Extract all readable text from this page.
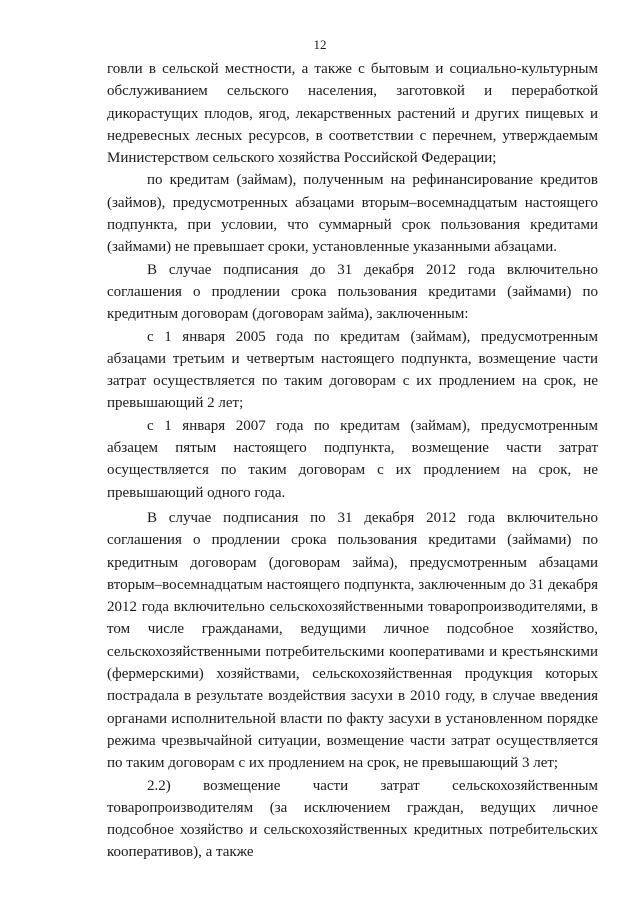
12

говли в сельской местности, а также с бытовым и социально-культурным обслуживанием сельского населения, заготовкой и переработкой дикорастущих плодов, ягод, лекарственных растений и других пищевых и недревесных лесных ресурсов, в соответствии с перечнем, утверждаемым Министерством сельского хозяйства Российской Федерации;

по кредитам (займам), полученным на рефинансирование кредитов (займов), предусмотренных абзацами вторым–восемнадцатым настоящего подпункта, при условии, что суммарный срок пользования кредитами (займами) не превышает сроки, установленные указанными абзацами.

В случае подписания до 31 декабря 2012 года включительно соглашения о продлении срока пользования кредитами (займами) по кредитным договорам (договорам займа), заключенным:

с 1 января 2005 года по кредитам (займам), предусмотренным абзацами третьим и четвертым настоящего подпункта, возмещение части затрат осуществляется по таким договорам с их продлением на срок, не превышающий 2 лет;

с 1 января 2007 года по кредитам (займам), предусмотренным абзацем пятым настоящего подпункта, возмещение части затрат осуществляется по таким договорам с их продлением на срок, не превышающий одного года.

В случае подписания по 31 декабря 2012 года включительно соглашения о продлении срока пользования кредитами (займами) по кредитным договорам (договорам займа), предусмотренным абзацами вторым–восемнадцатым настоящего подпункта, заключенным до 31 декабря 2012 года включительно сельскохозяйственными товаропроизводителями, в том числе гражданами, ведущими личное подсобное хозяйство, сельскохозяйственными потребительскими кооперативами и крестьянскими (фермерскими) хозяйствами, сельскохозяйственная продукция которых пострадала в результате воздействия засухи в 2010 году, в случае введения органами исполнительной власти по факту засухи в установленном порядке режима чрезвычайной ситуации, возмещение части затрат осуществляется по таким договорам с их продлением на срок, не превышающий 3 лет;

2.2) возмещение части затрат сельскохозяйственным товаропроизводителям (за исключением граждан, ведущих личное подсобное хозяйство и сельскохозяйственных кредитных потребительских кооперативов), а также
